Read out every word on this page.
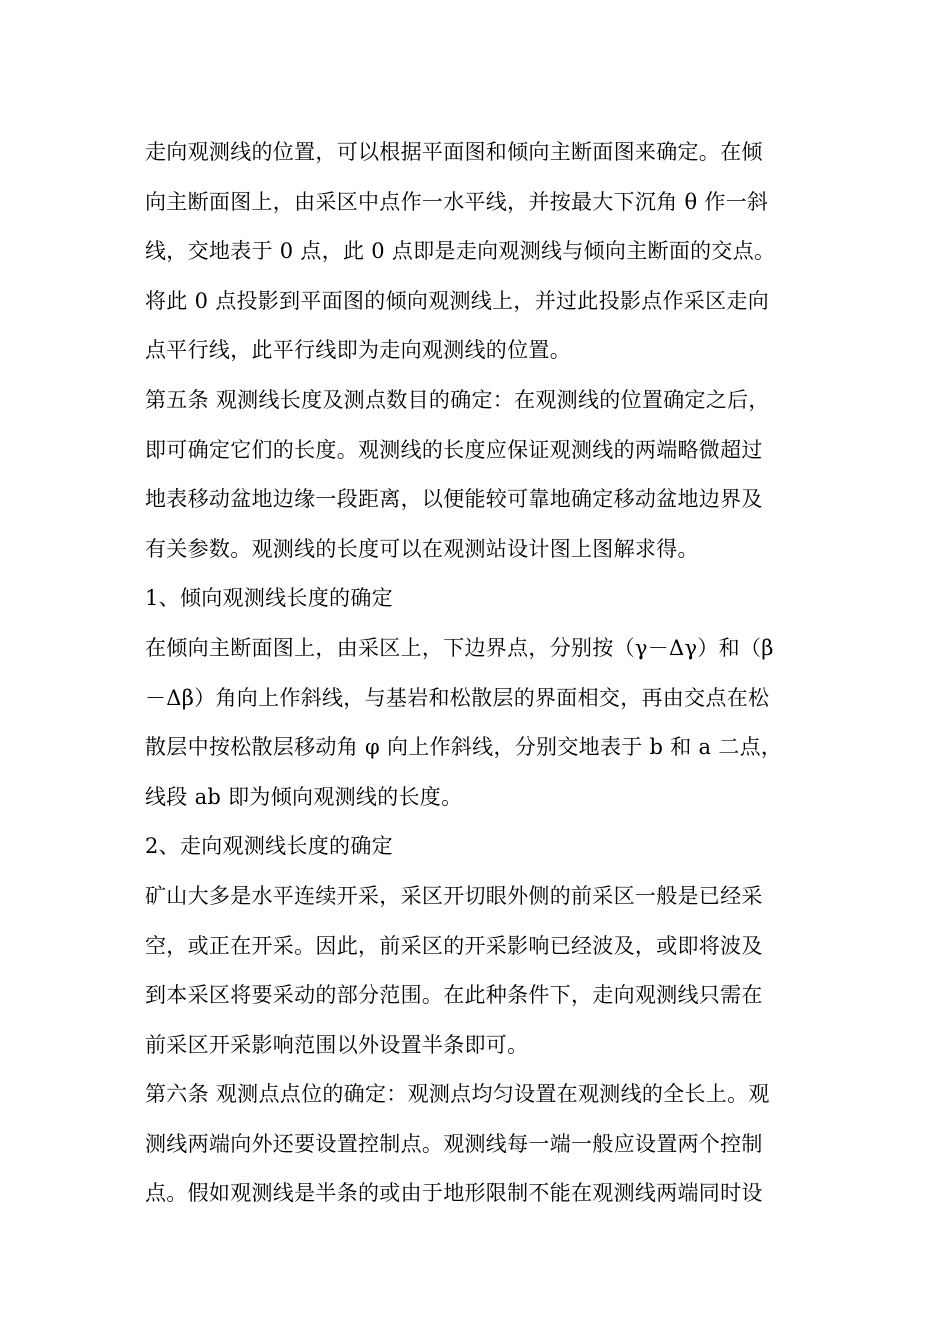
走向观测线的位置，可以根据平面图和倾向主断面图来确定。在倾
向主断面图上，由采区中点作一水平线，并按最大下沉角 θ 作一斜
线，交地表于 0 点，此 0 点即是走向观测线与倾向主断面的交点。
将此 0 点投影到平面图的倾向观测线上，并过此投影点作采区走向
点平行线，此平行线即为走向观测线的位置。
第五条 观测线长度及测点数目的确定：在观测线的位置确定之后，
即可确定它们的长度。观测线的长度应保证观测线的两端略微超过
地表移动盆地边缘一段距离，以便能较可靠地确定移动盆地边界及
有关参数。观测线的长度可以在观测站设计图上图解求得。
1、倾向观测线长度的确定
在倾向主断面图上，由采区上，下边界点，分别按（γ－Δγ）和（β
－Δβ）角向上作斜线，与基岩和松散层的界面相交，再由交点在松
散层中按松散层移动角 φ 向上作斜线，分别交地表于 b 和 a 二点，
线段 ab 即为倾向观测线的长度。
2、走向观测线长度的确定
矿山大多是水平连续开采，采区开切眼外侧的前采区一般是已经采
空，或正在开采。因此，前采区的开采影响已经波及，或即将波及
到本采区将要采动的部分范围。在此种条件下，走向观测线只需在
前采区开采影响范围以外设置半条即可。
第六条 观测点点位的确定：观测点均匀设置在观测线的全长上。观
测线两端向外还要设置控制点。观测线每一端一般应设置两个控制
点。假如观测线是半条的或由于地形限制不能在观测线两端同时设
